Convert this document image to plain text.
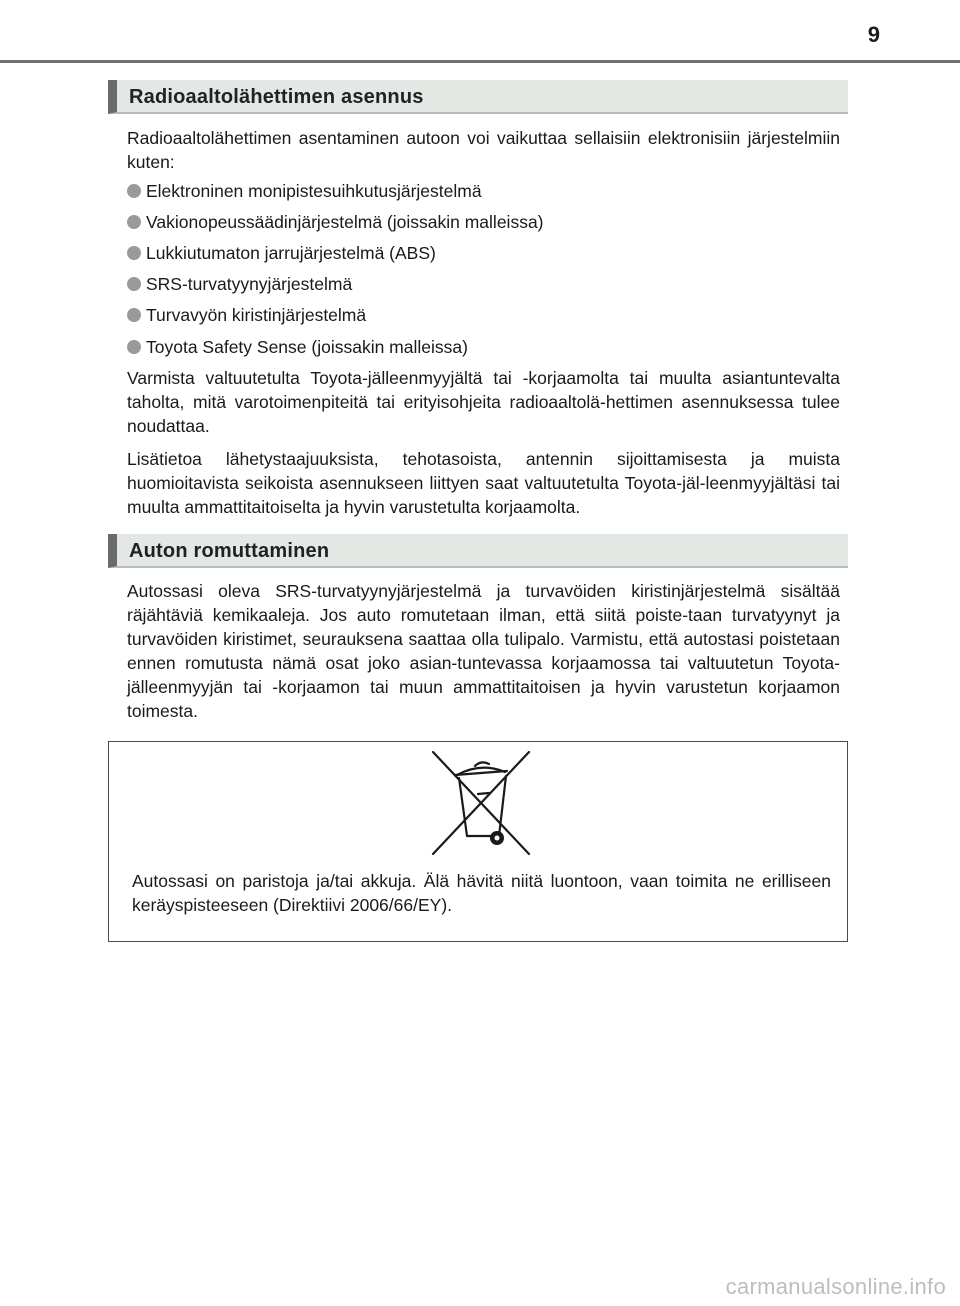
9
Radioaaltolähettimen asennus

Radioaaltolähettimen asentaminen autoon voi vaikuttaa sellaisiin elektronisiin järjestelmiin kuten:

Elektroninen monipistesuihkutusjärjestelmä
Vakionopeussäädinjärjestelmä (joissakin malleissa)
Lukkiutumaton jarrujärjestelmä (ABS)
SRS-turvatyynyjärjestelmä
Turvavyön kiristinjärjestelmä
Toyota Safety Sense (joissakin malleissa)

Varmista valtuutetulta Toyota-jälleenmyyjältä tai -korjaamolta tai muulta asiantuntevalta taholta, mitä varotoimenpiteitä tai erityisohjeita radioaaltolä-hettimen asennuksessa tulee noudattaa.

Lisätietoa lähetystaajuuksista, tehotasoista, antennin sijoittamisesta ja muista huomioitavista seikoista asennukseen liittyen saat valtuutetulta Toyota-jäl-leenmyyjältäsi tai muulta ammattitaitoiselta ja hyvin varustetulta korjaamolta.

Auton romuttaminen

Autossasi oleva SRS-turvatyynyjärjestelmä ja turvavöiden kiristinjärjestelmä sisältää räjähtäviä kemikaaleja. Jos auto romutetaan ilman, että siitä poiste-taan turvatyynyt ja turvavöiden kiristimet, seurauksena saattaa olla tulipalo. Varmistu, että autostasi poistetaan ennen romutusta nämä osat joko asian-tuntevassa korjaamossa tai valtuutetun Toyota-jälleenmyyjän tai -korjaamon tai muun ammattitaitoisen ja hyvin varustetun korjaamon toimesta.

Autossasi on paristoja ja/tai akkuja. Älä hävitä niitä luontoon, vaan toimita ne erilliseen keräyspisteeseen (Direktiivi 2006/66/EY).

carmanualsonline.info
